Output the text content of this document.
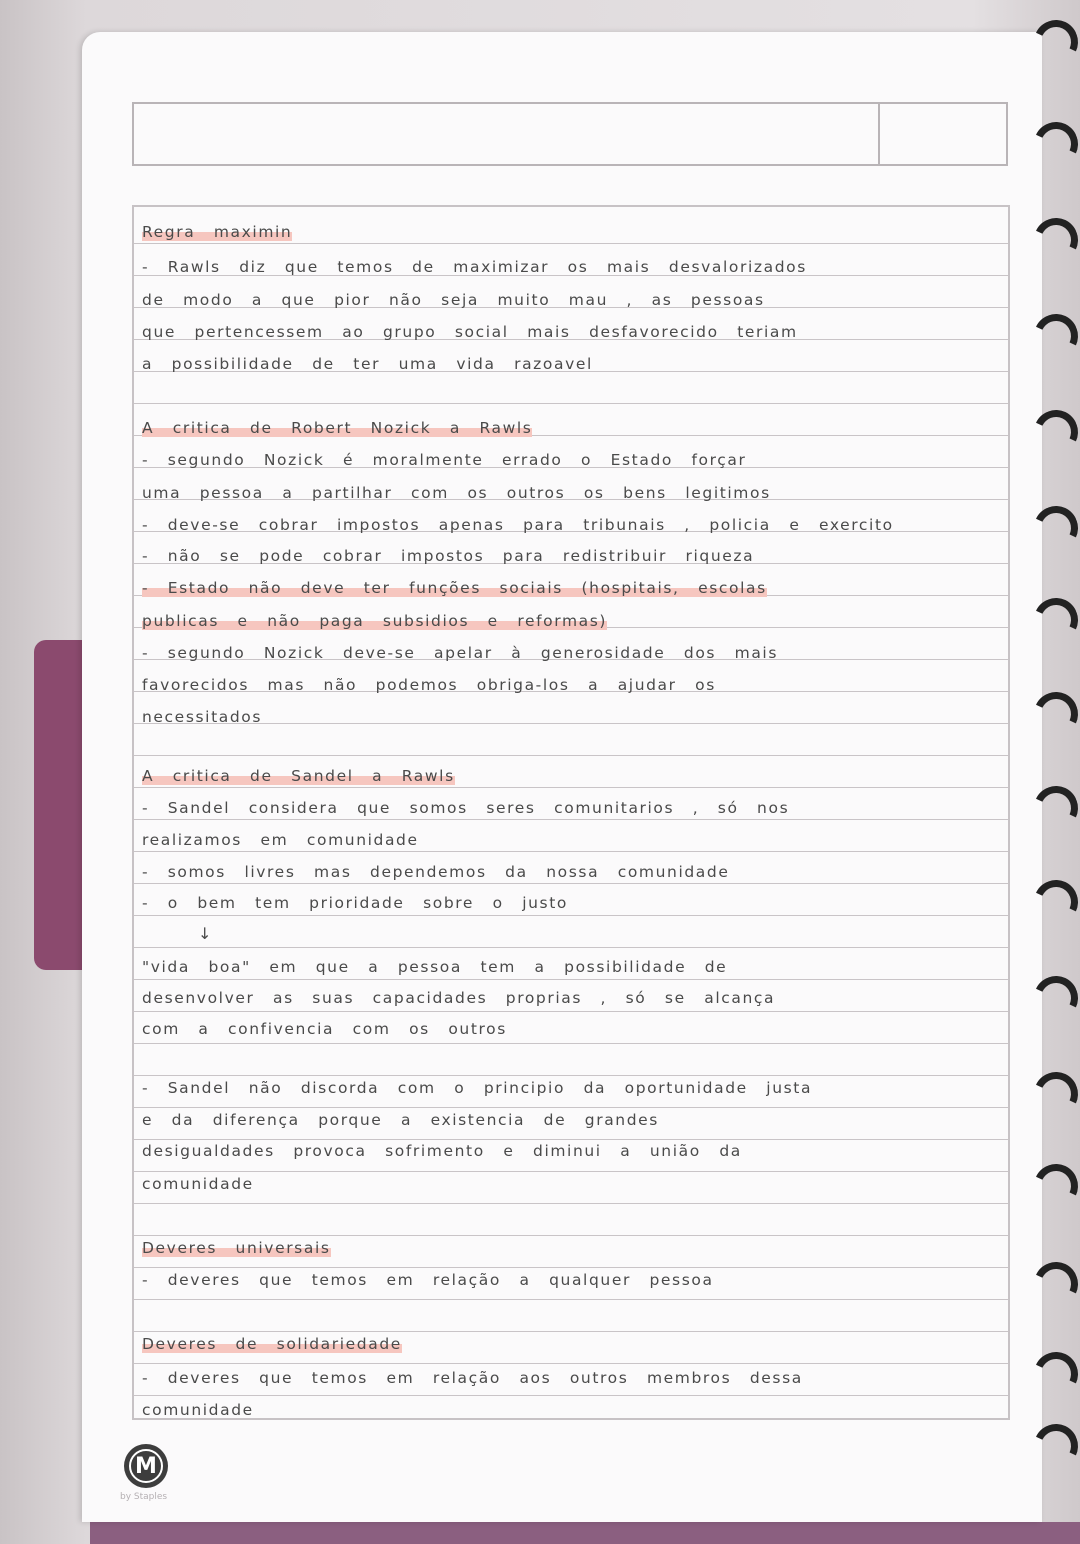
Regra maximin
- Rawls diz que temos de maximizar os mais desvalorizados
de modo a que pior não seja muito mau , as pessoas
que pertencessem ao grupo social mais desfavorecido teriam
a possibilidade de ter uma vida razoavel
A critica de Robert Nozick a Rawls
- segundo Nozick é moralmente errado o Estado forçar
uma pessoa a partilhar com os outros os bens legitimos
- deve-se cobrar impostos apenas para tribunais , policia e exercito
- não se pode cobrar impostos para redistribuir riqueza
- Estado não deve ter funções sociais (hospitais, escolas
publicas e não paga subsidios e reformas)
- segundo Nozick deve-se apelar à generosidade dos mais
favorecidos mas não podemos obriga-los a ajudar os
necessitados
A critica de Sandel a Rawls
- Sandel considera que somos seres comunitarios , só nos
realizamos em comunidade
- somos livres mas dependemos da nossa comunidade
- o bem tem prioridade sobre o justo
↓
"vida boa" em que a pessoa tem a possibilidade de
desenvolver as suas capacidades proprias , só se alcança
com a confivencia com os outros
- Sandel não discorda com o principio da oportunidade justa
e da diferença porque a existencia de grandes
desigualdades provoca sofrimento e diminui a união da
comunidade
Deveres universais
- deveres que temos em relação a qualquer pessoa
Deveres de solidariedade
- deveres que temos em relação aos outros membros dessa
comunidade
M
by Staples
